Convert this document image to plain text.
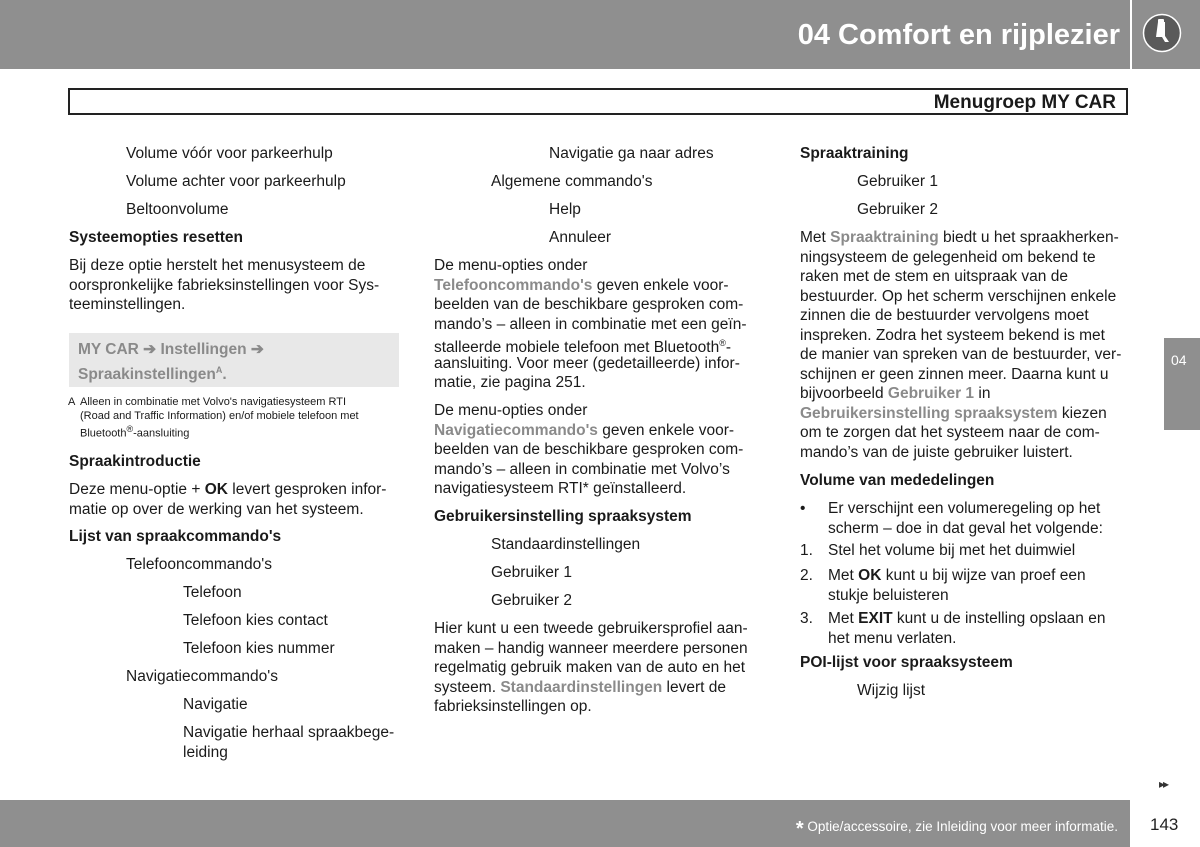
04 Comfort en rijplezier
Menugroep MY CAR
Volume vóór voor parkeerhulp
Volume achter voor parkeerhulp
Beltoonvolume
Systeemopties resetten
Bij deze optie herstelt het menusysteem de
oorspronkelijke fabrieksinstellingen voor Sys-
teeminstellingen.
MY CAR ➔ Instellingen ➔
Spraakinstellingen$^A$.
A Alleen in combinatie met Volvo's navigatiesysteem RTI
(Road and Traffic Information) en/of mobiele telefoon met
Bluetooth®-aansluiting
Spraakintroductie
Deze menu-optie + OK levert gesproken infor-
matie op over de werking van het systeem.
Lijst van spraakcommando's
Telefooncommando's
Telefoon
Telefoon kies contact
Telefoon kies nummer
Navigatiecommando's
Navigatie
Navigatie herhaal spraakbege-
leiding
Navigatie ga naar adres
Algemene commando's
Help
Annuleer
De menu-opties onder
Telefooncommando's geven enkele voor-
beelden van de beschikbare gesproken com-
mando’s – alleen in combinatie met een geïn-
stalleerde mobiele telefoon met Bluetooth®-
aansluiting. Voor meer (gedetailleerde) infor-
matie, zie pagina 251.
De menu-opties onder
Navigatiecommando's geven enkele voor-
beelden van de beschikbare gesproken com-
mando’s – alleen in combinatie met Volvo’s
navigatiesysteem RTI* geïnstalleerd.
Gebruikersinstelling spraaksystem
Standaardinstellingen
Gebruiker 1
Gebruiker 2
Hier kunt u een tweede gebruikersprofiel aan-
maken – handig wanneer meerdere personen
regelmatig gebruik maken van de auto en het
systeem. Standaardinstellingen levert de
fabrieksinstellingen op.
Spraaktraining
Gebruiker 1
Gebruiker 2
Met Spraaktraining biedt u het spraakherken-
ningsysteem de gelegenheid om bekend te
raken met de stem en uitspraak van de
bestuurder. Op het scherm verschijnen enkele
zinnen die de bestuurder vervolgens moet
inspreken. Zodra het systeem bekend is met
de manier van spreken van de bestuurder, ver-
schijnen er geen zinnen meer. Daarna kunt u
bijvoorbeeld Gebruiker 1 in
Gebruikersinstelling spraaksystem kiezen
om te zorgen dat het systeem naar de com-
mando’s van de juiste gebruiker luistert.
Volume van mededelingen
• Er verschijnt een volumeregeling op het
scherm – doe in dat geval het volgende:
1. Stel het volume bij met het duimwiel
2. Met OK kunt u bij wijze van proef een
stukje beluisteren
3. Met EXIT kunt u de instelling opslaan en
het menu verlaten.
POI-lijst voor spraaksysteem
Wijzig lijst
04
▸▸
* Optie/accessoire, zie Inleiding voor meer informatie. 143
